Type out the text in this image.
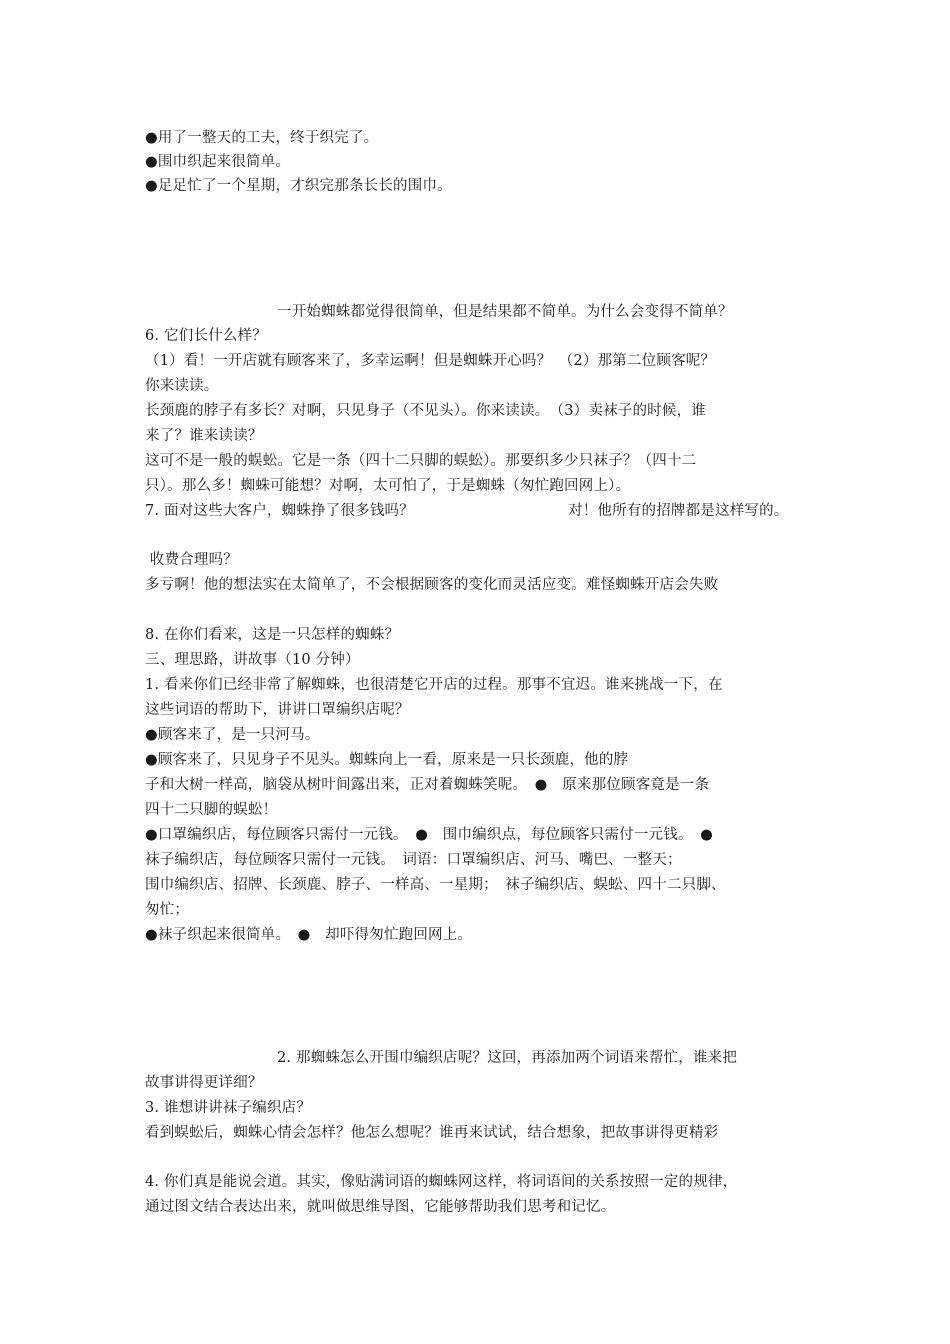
●用了一整天的工夫，终于织完了。
●围巾织起来很简单。
●足足忙了一个星期，才织完那条长长的围巾。
一开始蜘蛛都觉得很简单，但是结果都不简单。为什么会变得不简单？
6. 它们长什么样？
（1）看！一开店就有顾客来了，多幸运啊！但是蜘蛛开心吗？　（2）那第二位顾客呢？
你来读读。
长颈鹿的脖子有多长？对啊，只见身子（不见头）。你来读读。　（3）卖袜子的时候，谁
来了？谁来读读？
这可不是一般的蜈蚣。它是一条（四十二只脚的蜈蚣）。那要织多少只袜子？（四十二
只）。那么多！蜘蛛可能想？对啊，太可怕了，于是蜘蛛（匆忙跑回网上）。
7. 面对这些大客户，蜘蛛挣了很多钱吗？	对！他所有的招牌都是这样写的。
收费合理吗？
多亏啊！他的想法实在太简单了，不会根据顾客的变化而灵活应变。难怪蜘蛛开店会失败
8. 在你们看来，这是一只怎样的蜘蛛？
三、理思路，讲故事（10 分钟）
1. 看来你们已经非常了解蜘蛛，也很清楚它开店的过程。那事不宜迟。谁来挑战一下，在
这些词语的帮助下，讲讲口罩编织店呢？
●顾客来了，是一只河马。
●顾客来了，只见身子不见头。蜘蛛向上一看，原来是一只长颈鹿，他的脖
子和大树一样高，脑袋从树叶间露出来，正对着蜘蛛笑呢。　●　原来那位顾客竟是一条
四十二只脚的蜈蚣！
●口罩编织店，每位顾客只需付一元钱。　●　围巾编织点，每位顾客只需付一元钱。　●
袜子编织店，每位顾客只需付一元钱。　词语：口罩编织店、河马、嘴巴、一整天；
围巾编织店、招牌、长颈鹿、脖子、一样高、一星期；　袜子编织店、蜈蚣、四十二只脚、
匆忙；
●袜子织起来很简单。　●　却吓得匆忙跑回网上。
2. 那蜘蛛怎么开围巾编织店呢？这回，再添加两个词语来帮忙，谁来把
故事讲得更详细？
3. 谁想讲讲袜子编织店？
看到蜈蚣后，蜘蛛心情会怎样？他怎么想呢？谁再来试试，结合想象，把故事讲得更精彩
4. 你们真是能说会道。其实，像贴满词语的蜘蛛网这样，将词语间的关系按照一定的规律，
通过图文结合表达出来，就叫做思维导图，它能够帮助我们思考和记忆。
